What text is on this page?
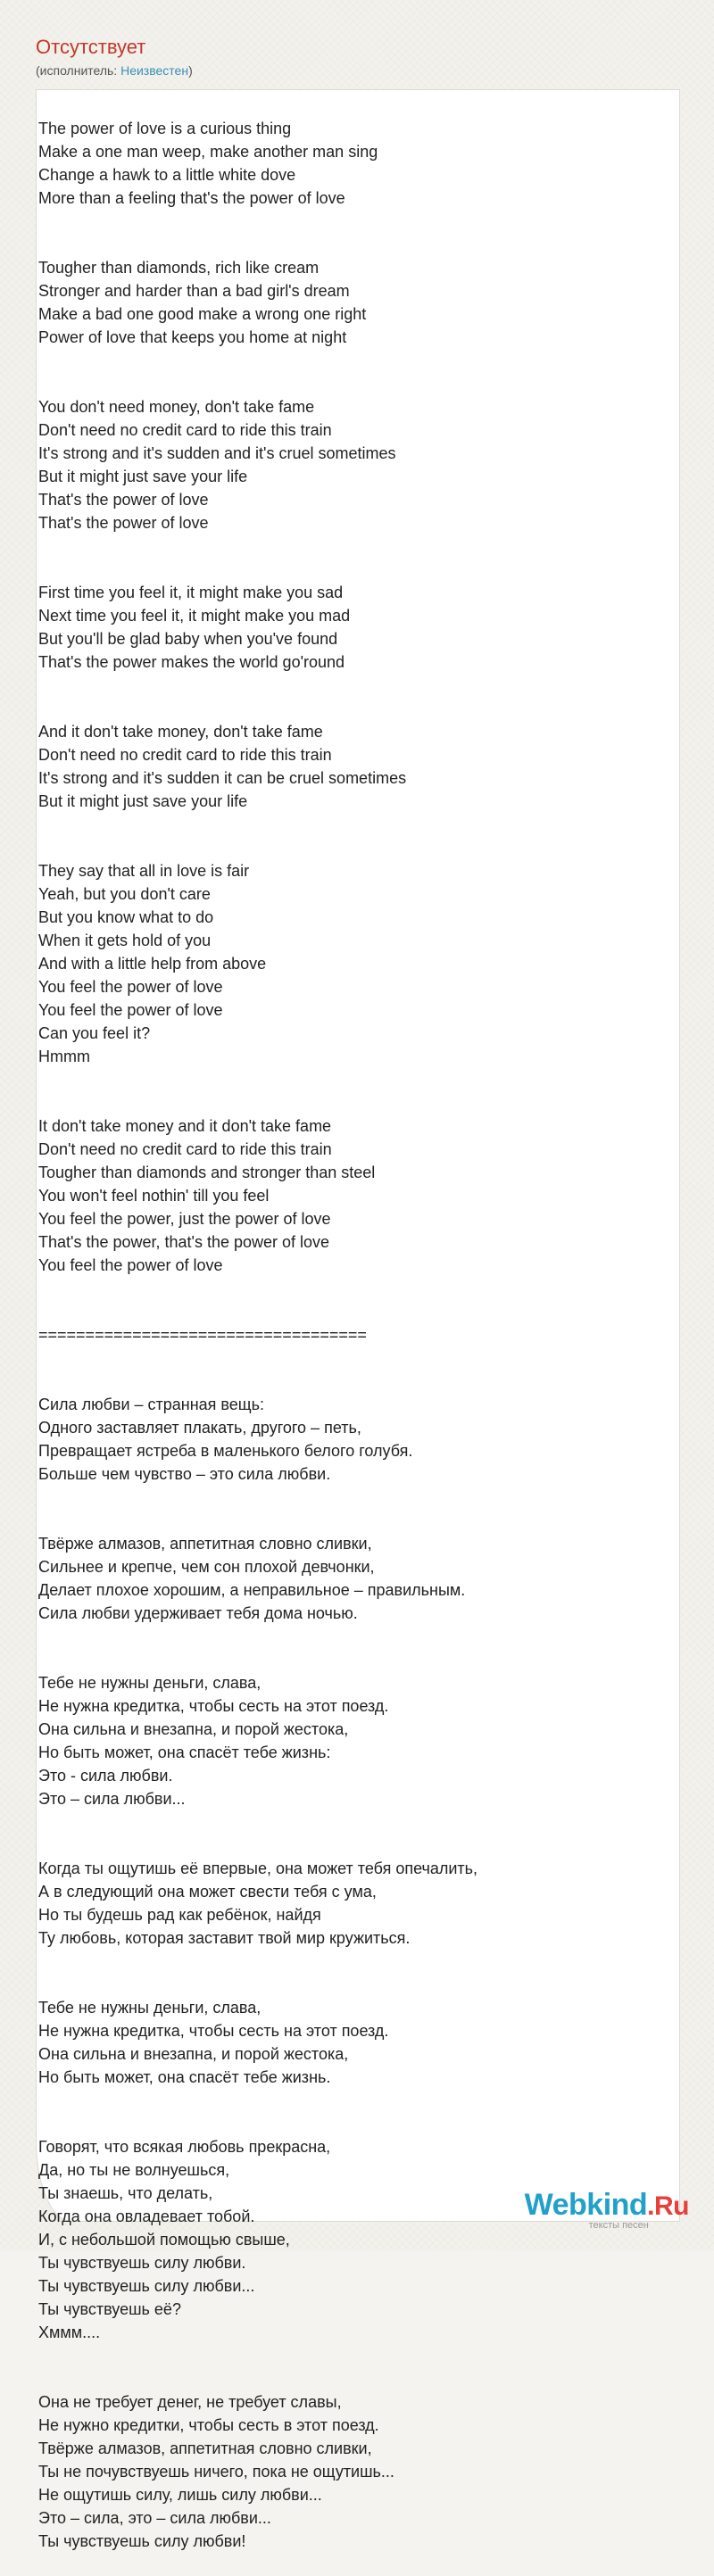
Отсутствует
(исполнитель: Неизвестен)

The power of love is a curious thing
Make a one man weep, make another man sing
Change a hawk to a little white dove
More than a feeling that's the power of love

Tougher than diamonds, rich like cream
Stronger and harder than a bad girl's dream
Make a bad one good make a wrong one right
Power of love that keeps you home at night

You don't need money, don't take fame
Don't need no credit card to ride this train
It's strong and it's sudden and it's cruel sometimes
But it might just save your life
That's the power of love
That's the power of love

First time you feel it, it might make you sad
Next time you feel it, it might make you mad
But you'll be glad baby when you've found
That's the power makes the world go'round

And it don't take money, don't take fame
Don't need no credit card to ride this train
It's strong and it's sudden it can be cruel sometimes
But it might just save your life

They say that all in love is fair
Yeah, but you don't care
But you know what to do
When it gets hold of you
And with a little help from above
You feel the power of love
You feel the power of love
Can you feel it?
Hmmm

It don't take money and it don't take fame
Don't need no credit card to ride this train
Tougher than diamonds and stronger than steel
You won't feel nothin' till you feel
You feel the power, just the power of love
That's the power, that's the power of love
You feel the power of love

===================================

Сила любви – странная вещь:
Одного заставляет плакать, другого – петь,
Превращает ястреба в маленького белого голубя.
Больше чем чувство – это сила любви.

Твёрже алмазов, аппетитная словно сливки,
Сильнее и крепче, чем сон плохой девчонки,
Делает плохое хорошим, а неправильное – правильным.
Сила любви удерживает тебя дома ночью.

Тебе не нужны деньги, слава,
Не нужна кредитка, чтобы сесть на этот поезд.
Она сильна и внезапна, и порой жестока,
Но быть может, она спасёт тебе жизнь:
Это - сила любви.
Это – сила любви...

Когда ты ощутишь её впервые, она может тебя опечалить,
А в следующий она может свести тебя с ума,
Но ты будешь рад как ребёнок, найдя
Ту любовь, которая заставит твой мир кружиться.

Тебе не нужны деньги, слава,
Не нужна кредитка, чтобы сесть на этот поезд.
Она сильна и внезапна, и порой жестока,
Но быть может, она спасёт тебе жизнь.

Говорят, что всякая любовь прекрасна,
Да, но ты не волнуешься,
Ты знаешь, что делать,
Когда она овладевает тобой.
И, с небольшой помощью свыше,
Ты чувствуешь силу любви.
Ты чувствуешь силу любви...
Ты чувствуешь её?
Хммм....

Она не требует денег, не требует славы,
Не нужно кредитки, чтобы сесть в этот поезд.
Твёрже алмазов, аппетитная словно сливки,
Ты не почувствуешь ничего, пока не ощутишь...
Не ощутишь силу, лишь силу любви...
Это – сила, это – сила любви...
Ты чувствуешь силу любви!

Webkind.Ru
тексты песен
